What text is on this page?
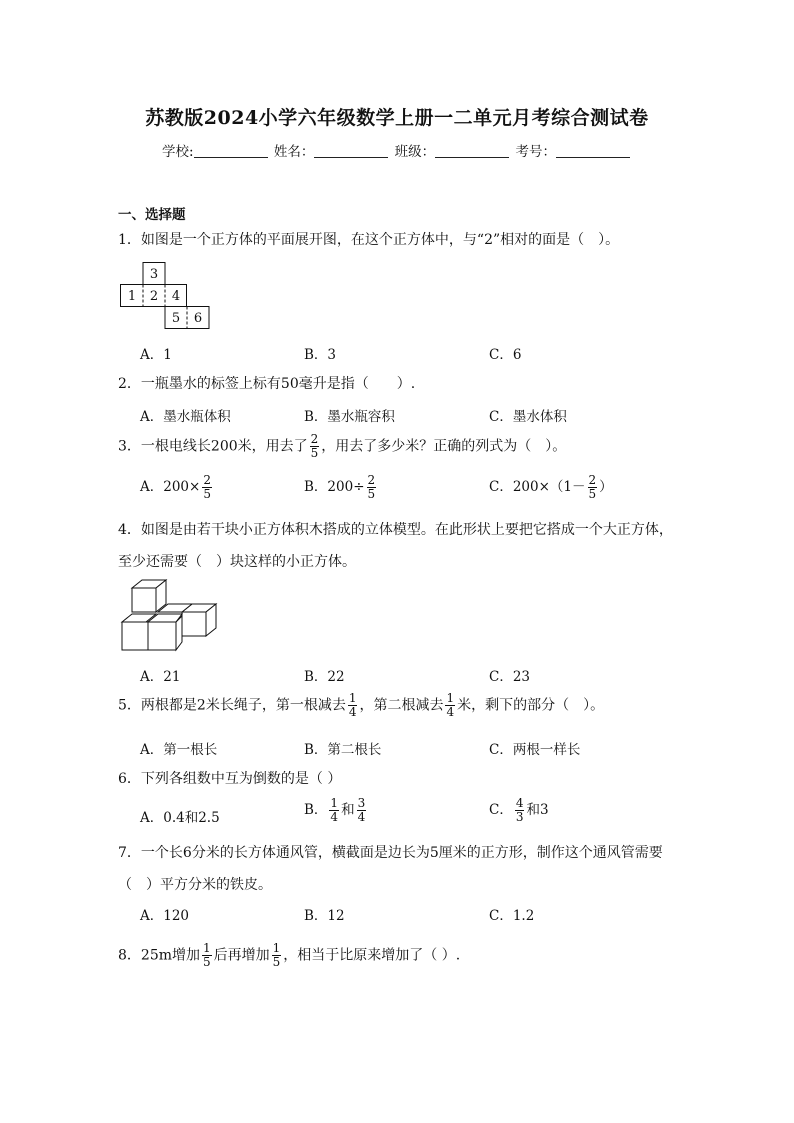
苏教版2024小学六年级数学上册一二单元月考综合测试卷
学校:	姓名：	班级：	考号：
一、选择题
1．如图是一个正方体的平面展开图，在这个正方体中，与“2”相对的面是（　）。
3
1 2 4
5 6
A．1	B．3	C．6
2．一瓶墨水的标签上标有50毫升是指（　　）.
A．墨水瓶体积	B．墨水瓶容积	C．墨水体积
3．一根电线长200米，用去了 $\frac{2}{5}$ ，用去了多少米？正确的列式为（　）。
A．$200\times \frac{2}{5}$	B．$200\div \frac{2}{5}$	C．$200\times(1- \frac{2}{5}$ ）
4．如图是由若干块小正方体积木搭成的立体模型。在此形状上要把它搭成一个大正方体，
至少还需要（　）块这样的小正方体。
A．21	B．22	C．23
5．两根都是2米长绳子，第一根减去 $\frac{1}{4}$ ，第二根减去 $\frac{1}{4}$ 米，剩下的部分（　）。
A．第一根长	B．第二根长	C．两根一样长
6．下列各组数中互为倒数的是（ ）
A．0.4和2.5	B． $\frac{1}{4}$ 和 $\frac{3}{4}$	C． $\frac{4}{3}$ 和3
7．一个长6分米的长方体通风管，横截面是边长为5厘米的正方形，制作这个通风管需要
（　）平方分米的铁皮。
A．120	B．12	C．1.2
8．25m增加 $\frac{1}{5}$ 后再增加 $\frac{1}{5}$ ，相当于比原来增加了（ ）.
